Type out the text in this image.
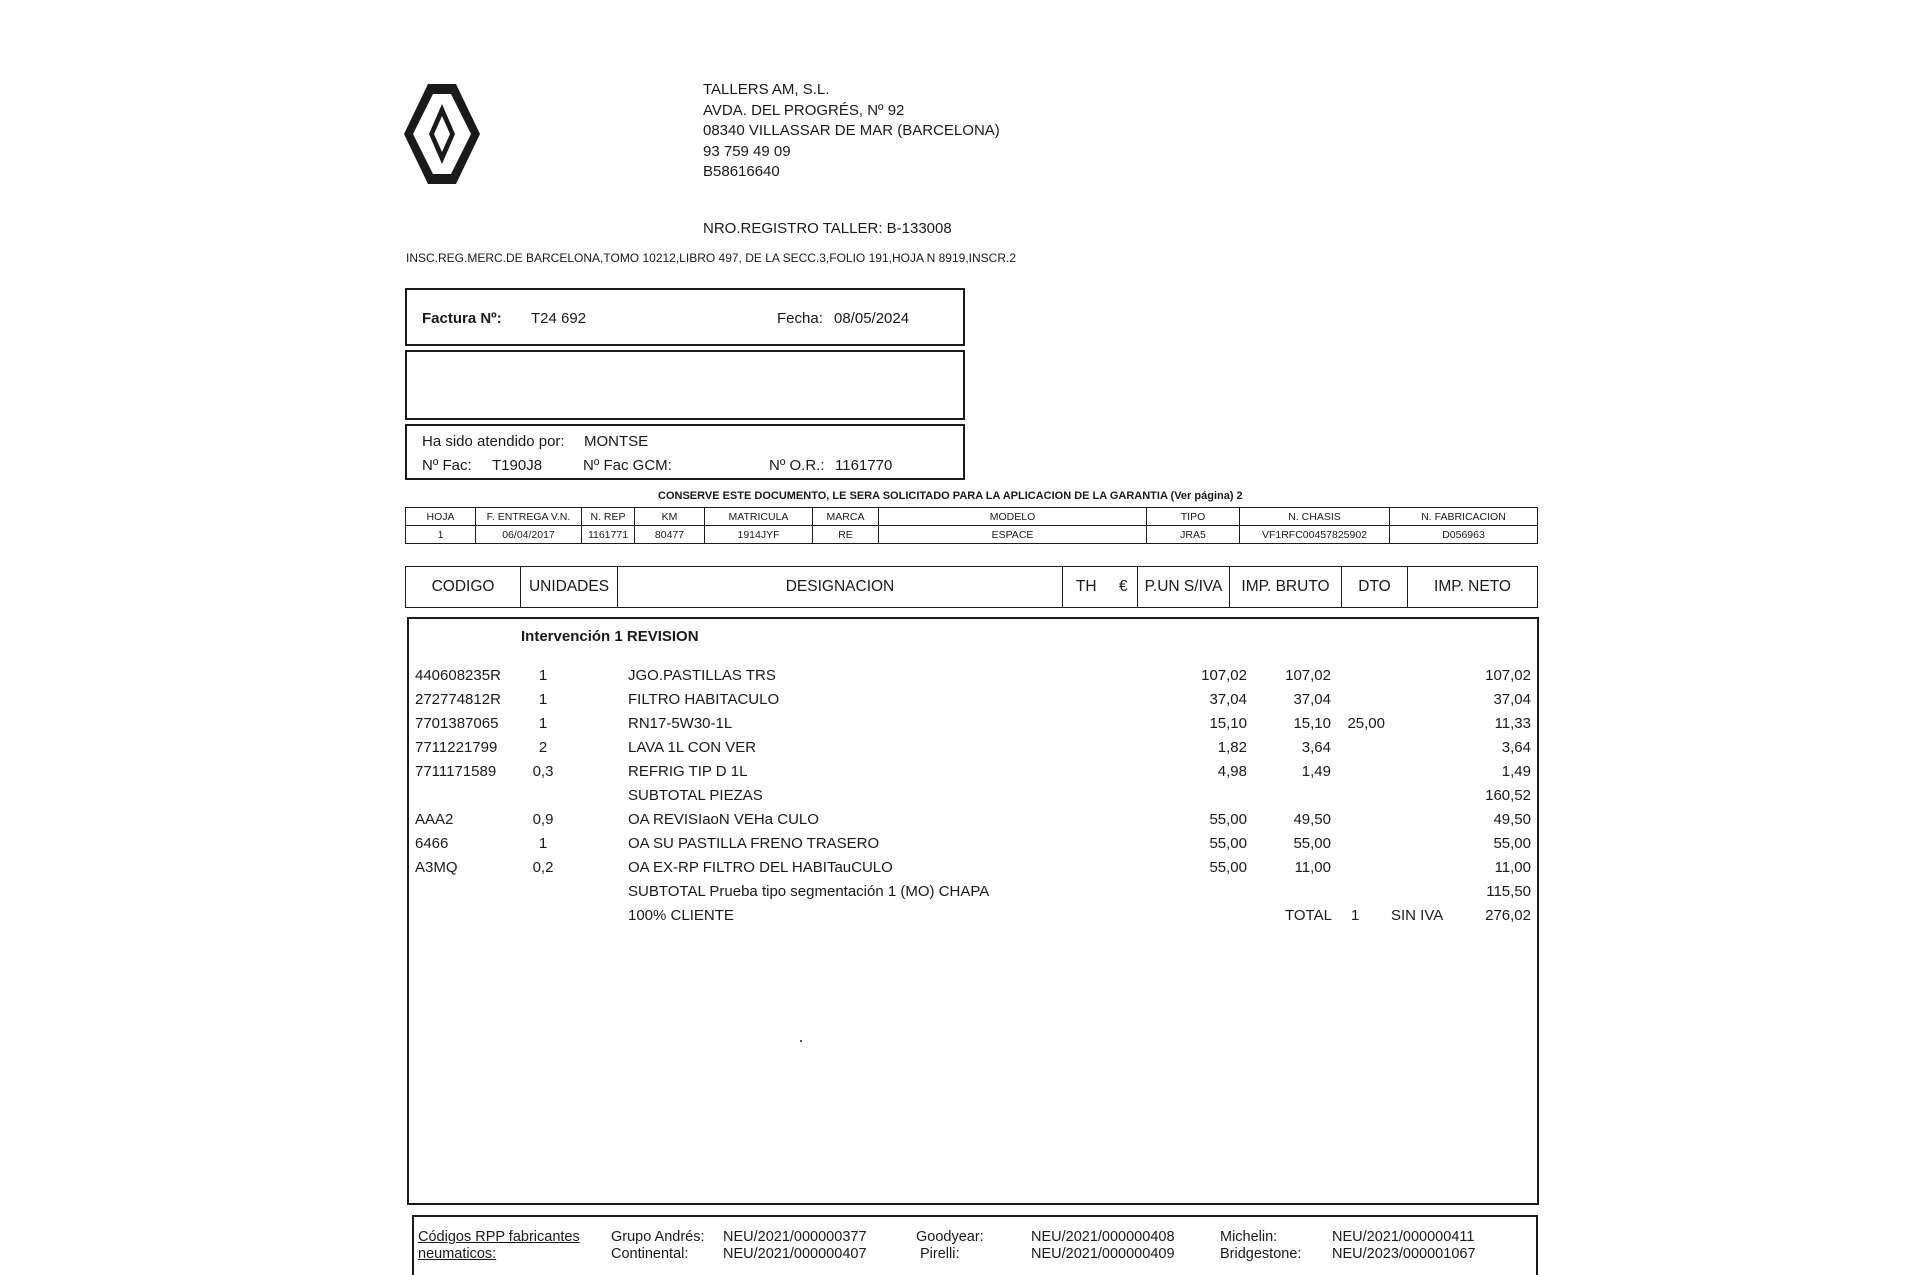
TALLERS AM, S.L.
AVDA. DEL PROGRÉS, Nº 92
08340 VILLASSAR DE MAR (BARCELONA)
93 759 49 09
B58616640
NRO.REGISTRO TALLER: B-133008
INSC.REG.MERC.DE BARCELONA,TOMO 10212,LIBRO 497, DE LA SECC.3,FOLIO 191,HOJA N 8919,INSCR.2
Factura Nº: T24 692	Fecha: 08/05/2024
Ha sido atendido por: MONTSE
Nº Fac: T190J8	Nº Fac GCM:	Nº O.R.: 1161770
CONSERVE ESTE DOCUMENTO, LE SERA SOLICITADO PARA LA APLICACION DE LA GARANTIA (Ver página) 2
HOJA	F. ENTREGA V.N.	N. REP	KM	MATRICULA	MARCA	MODELO	TIPO	N. CHASIS	N. FABRICACION
1	06/04/2017	1161771	80477	1914JYF	RE	ESPACE	JRA5	VF1RFC00457825902	D056963
CODIGO	UNIDADES	DESIGNACION	TH	€	P.UN S/IVA	IMP. BRUTO	DTO	IMP. NETO
Intervención 1 REVISION
440608235R	1	JGO.PASTILLAS TRS	107,02	107,02	107,02
272774812R	1	FILTRO HABITACULO	37,04	37,04	37,04
7701387065	1	RN17-5W30-1L	15,10	15,10 25,00	11,33
7711221799	2	LAVA 1L CON VER	1,82	3,64	3,64
7711171589	0,3	REFRIG TIP D 1L	4,98	1,49	1,49
SUBTOTAL PIEZAS	160,52
AAA2	0,9	OA REVISIaoN VEHa CULO	55,00	49,50	49,50
6466	1	OA SU PASTILLA FRENO TRASERO	55,00	55,00	55,00
A3MQ	0,2	OA EX-RP FILTRO DEL HABITauCULO	55,00	11,00	11,00
SUBTOTAL Prueba tipo segmentación 1 (MO) CHAPA	115,50
100% CLIENTE	TOTAL 1 SIN IVA	276,02
Códigos RPP fabricantes
neumaticos:
Grupo Andrés: NEU/2021/000000377
Continental: NEU/2021/000000407
Goodyear:	NEU/2021/000000408
Pirelli:	NEU/2021/000000409
Michelin:	NEU/2021/000000411
Bridgestone: NEU/2023/000001067
